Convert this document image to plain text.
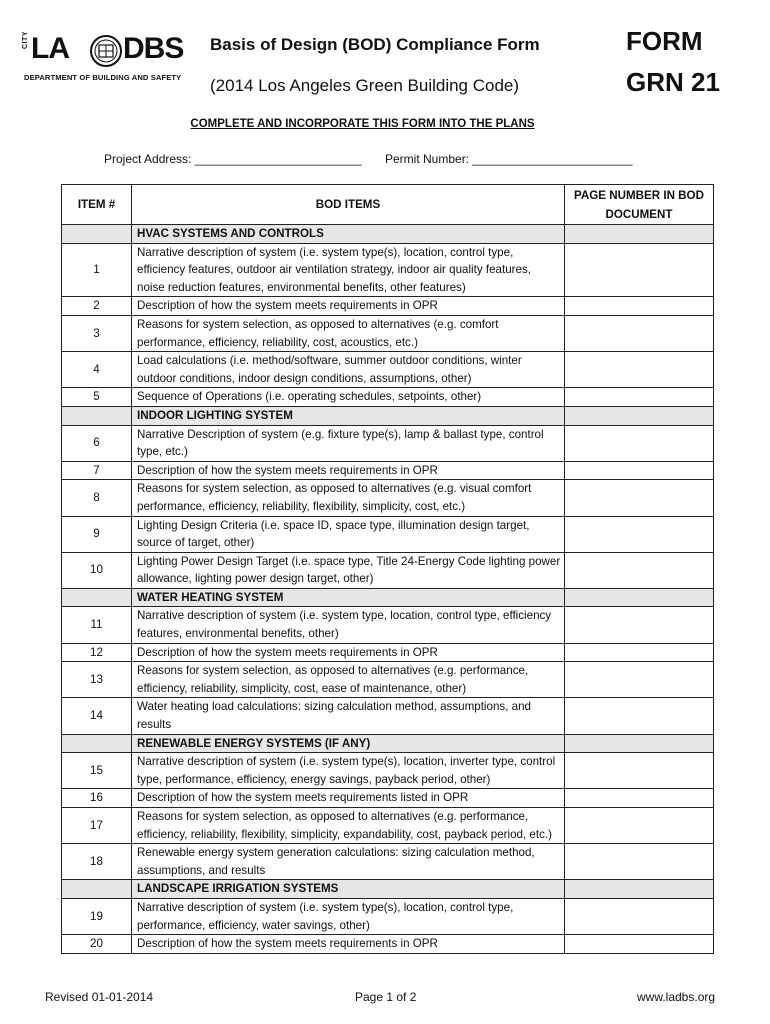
CITY LA DBS
DEPARTMENT OF BUILDING AND SAFETY
Basis of Design (BOD) Compliance Form
(2014 Los Angeles Green Building Code)
FORM
GRN 21
COMPLETE AND INCORPORATE THIS FORM INTO THE PLANS
Project Address: _________________________ Permit Number: ________________________
ITEM #	BOD ITEMS	PAGE NUMBER IN BOD DOCUMENT
	HVAC SYSTEMS AND CONTROLS	
1	Narrative description of system (i.e. system type(s), location, control type, efficiency features, outdoor air ventilation strategy, indoor air quality features, noise reduction features, environmental benefits, other features)	
2	Description of how the system meets requirements in OPR	
3	Reasons for system selection, as opposed to alternatives (e.g. comfort performance, efficiency, reliability, cost, acoustics, etc.)	
4	Load calculations (i.e. method/software, summer outdoor conditions, winter outdoor conditions, indoor design conditions, assumptions, other)	
5	Sequence of Operations (i.e. operating schedules, setpoints, other)	
	INDOOR LIGHTING SYSTEM	
6	Narrative Description of system (e.g. fixture type(s), lamp & ballast type, control type, etc.)	
7	Description of how the system meets requirements in OPR	
8	Reasons for system selection, as opposed to alternatives (e.g. visual comfort performance, efficiency, reliability, flexibility, simplicity, cost, etc.)	
9	Lighting Design Criteria (i.e. space ID, space type, illumination design target, source of target, other)	
10	Lighting Power Design Target (i.e. space type, Title 24-Energy Code lighting power allowance, lighting power design target, other)	
	WATER HEATING SYSTEM	
11	Narrative description of system (i.e. system type, location, control type, efficiency features, environmental benefits, other)	
12	Description of how the system meets requirements in OPR	
13	Reasons for system selection, as opposed to alternatives (e.g. performance, efficiency, reliability, simplicity, cost, ease of maintenance, other)	
14	Water heating load calculations: sizing calculation method, assumptions, and results	
	RENEWABLE ENERGY SYSTEMS (IF ANY)	
15	Narrative description of system (i.e. system type(s), location, inverter type, control type, performance, efficiency, energy savings, payback period, other)	
16	Description of how the system meets requirements listed in OPR	
17	Reasons for system selection, as opposed to alternatives (e.g. performance, efficiency, reliability, flexibility, simplicity, expandability, cost, payback period, etc.)	
18	Renewable energy system generation calculations: sizing calculation method, assumptions, and results	
	LANDSCAPE IRRIGATION SYSTEMS	
19	Narrative description of system (i.e. system type(s), location, control type, performance, efficiency, water savings, other)	
20	Description of how the system meets requirements in OPR	
Revised 01-01-2014	Page 1 of 2	www.ladbs.org
